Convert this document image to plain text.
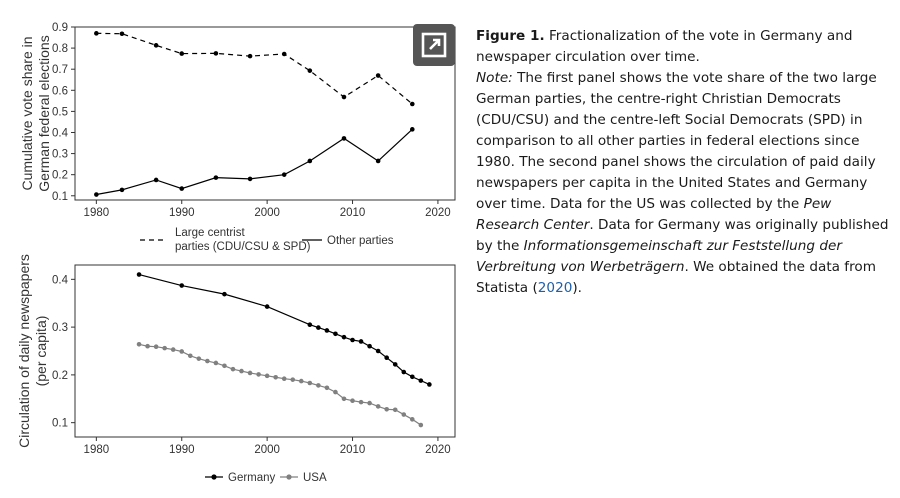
1980	1990	2000	2010	2020
0.1
0.2
0.3
0.4
0.5
0.6
0.7
0.8
0.9
Cumulative vote share in German federal elections
Large centrist
parties (CDU/CSU & SPD) Other parties
1980	1990	2000	2010	2020
0.1
0.2
0.3
0.4
Circulation of daily newspapers (per capita)
Germany USA

Figure 1. Fractionalization of the vote in Germany and newspaper circulation over time.

Note: The first panel shows the vote share of the two large German parties, the centre-right Christian Democrats (CDU/CSU) and the centre-left Social Democrats (SPD) in comparison to all other parties in federal elections since 1980. The second panel shows the circulation of paid daily newspapers per capita in the United States and Germany over time. Data for the US was collected by the Pew Research Center. Data for Germany was originally published by the Informationsgemeinschaft zur Feststellung der Verbreitung von Werbeträgern. We obtained the data from Statista (2020).
